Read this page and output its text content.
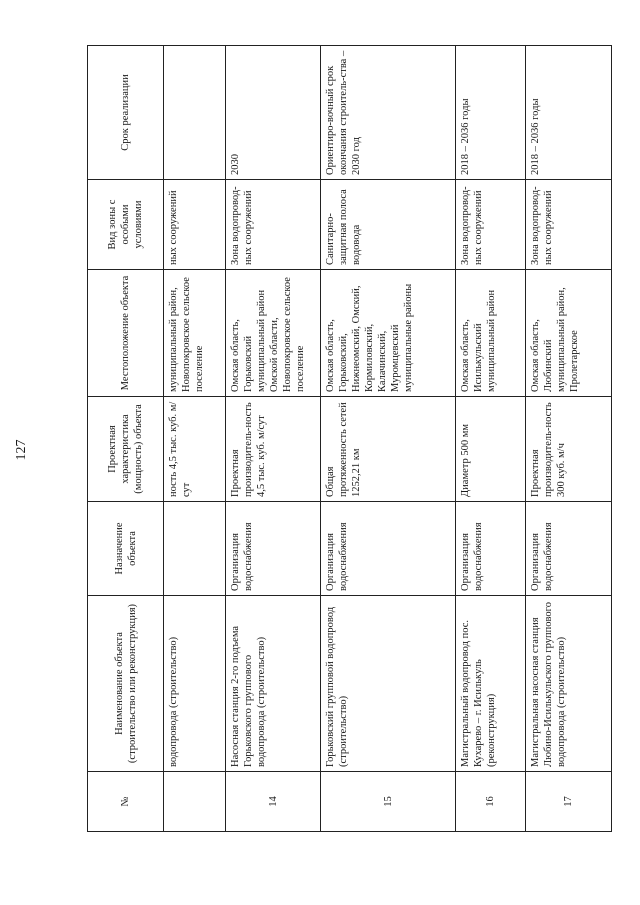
127
№	Наименование объекта (строительство или реконструкция)	Назначение объекта	Проектная характеристика (мощность) объекта	Местоположение объекта	Вид зоны с особыми условиями	Срок реализации
	водопровода (строительство)		ность 4,5 тыс. куб. м/сут	муниципальный район, Новопокровское сельское поселение	ных сооружений	
14	Насосная станция 2-го подъема Горьковского группового водопровода (строительство)	Организация водоснабжения	Проектная производитель-ность 4,5 тыс. куб. м/сут	Омская область, Горьковский муниципальный район Омской области, Новопокровское сельское поселение	Зона водопровод-ных сооружений	2030
15	Горьковский групповой водопровод (строительство)	Организация водоснабжения	Общая протяженность сетей 1252,21 км	Омская область, Горьковский, Нижнеомский, Омский, Кормиловский, Калачинский, Муромцевский муниципальные районы	Санитарно-защитная полоса водовода	Ориентиро-вочный срок окончания строитель-ства – 2030 год
16	Магистральный водопровод пос. Кухарево – г. Исилькуль (реконструкция)	Организация водоснабжения	Диаметр 500 мм	Омская область, Исилькульский муниципальный район	Зона водопровод-ных сооружений	2018 – 2036 годы
17	Магистральная насосная станция Любино-Исилькульского группового водопровода (строительство)	Организация водоснабжения	Проектная производитель-ность 300 куб. м/ч	Омская область, Любинский муниципальный район, Пролетарское	Зона водопровод-ных сооружений	2018 – 2036 годы
